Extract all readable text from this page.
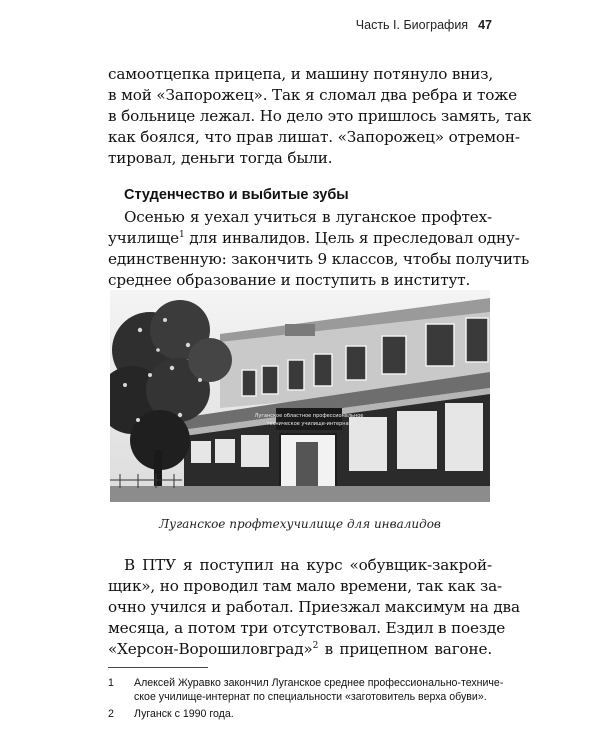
Часть I. Биография 47
самоотцепка прицепа, и машину потянуло вниз,
в мой «Запорожец». Так я сломал два ребра и тоже
в больнице лежал. Но дело это пришлось замять, так
как боялся, что прав лишат. «Запорожец» отремон-
тировал, деньги тогда были.
Студенчество и выбитые зубы
Осенью я уехал учиться в луганское профтех-
училище$^1$ для инвалидов. Цель я преследовал одну-
единственную: закончить 9 классов, чтобы получить
среднее образование и поступить в институт.
Луганское областное профессиональное
техническое училище-интернат
Луганское профтехучилище для инвалидов
В ПТУ я поступил на курс «обувщик-закрой-
щик», но проводил там мало времени, так как за-
очно учился и работал. Приезжал максимум на два
месяца, а потом три отсутствовал. Ездил в поезде
«Херсон-Ворошиловград»$^2$ в прицепном вагоне.
1 Алексей Журавко закончил Луганское среднее профессионально-техниче-
ское училище-интернат по специальности «заготовитель верха обуви».
2 Луганск с 1990 года.
